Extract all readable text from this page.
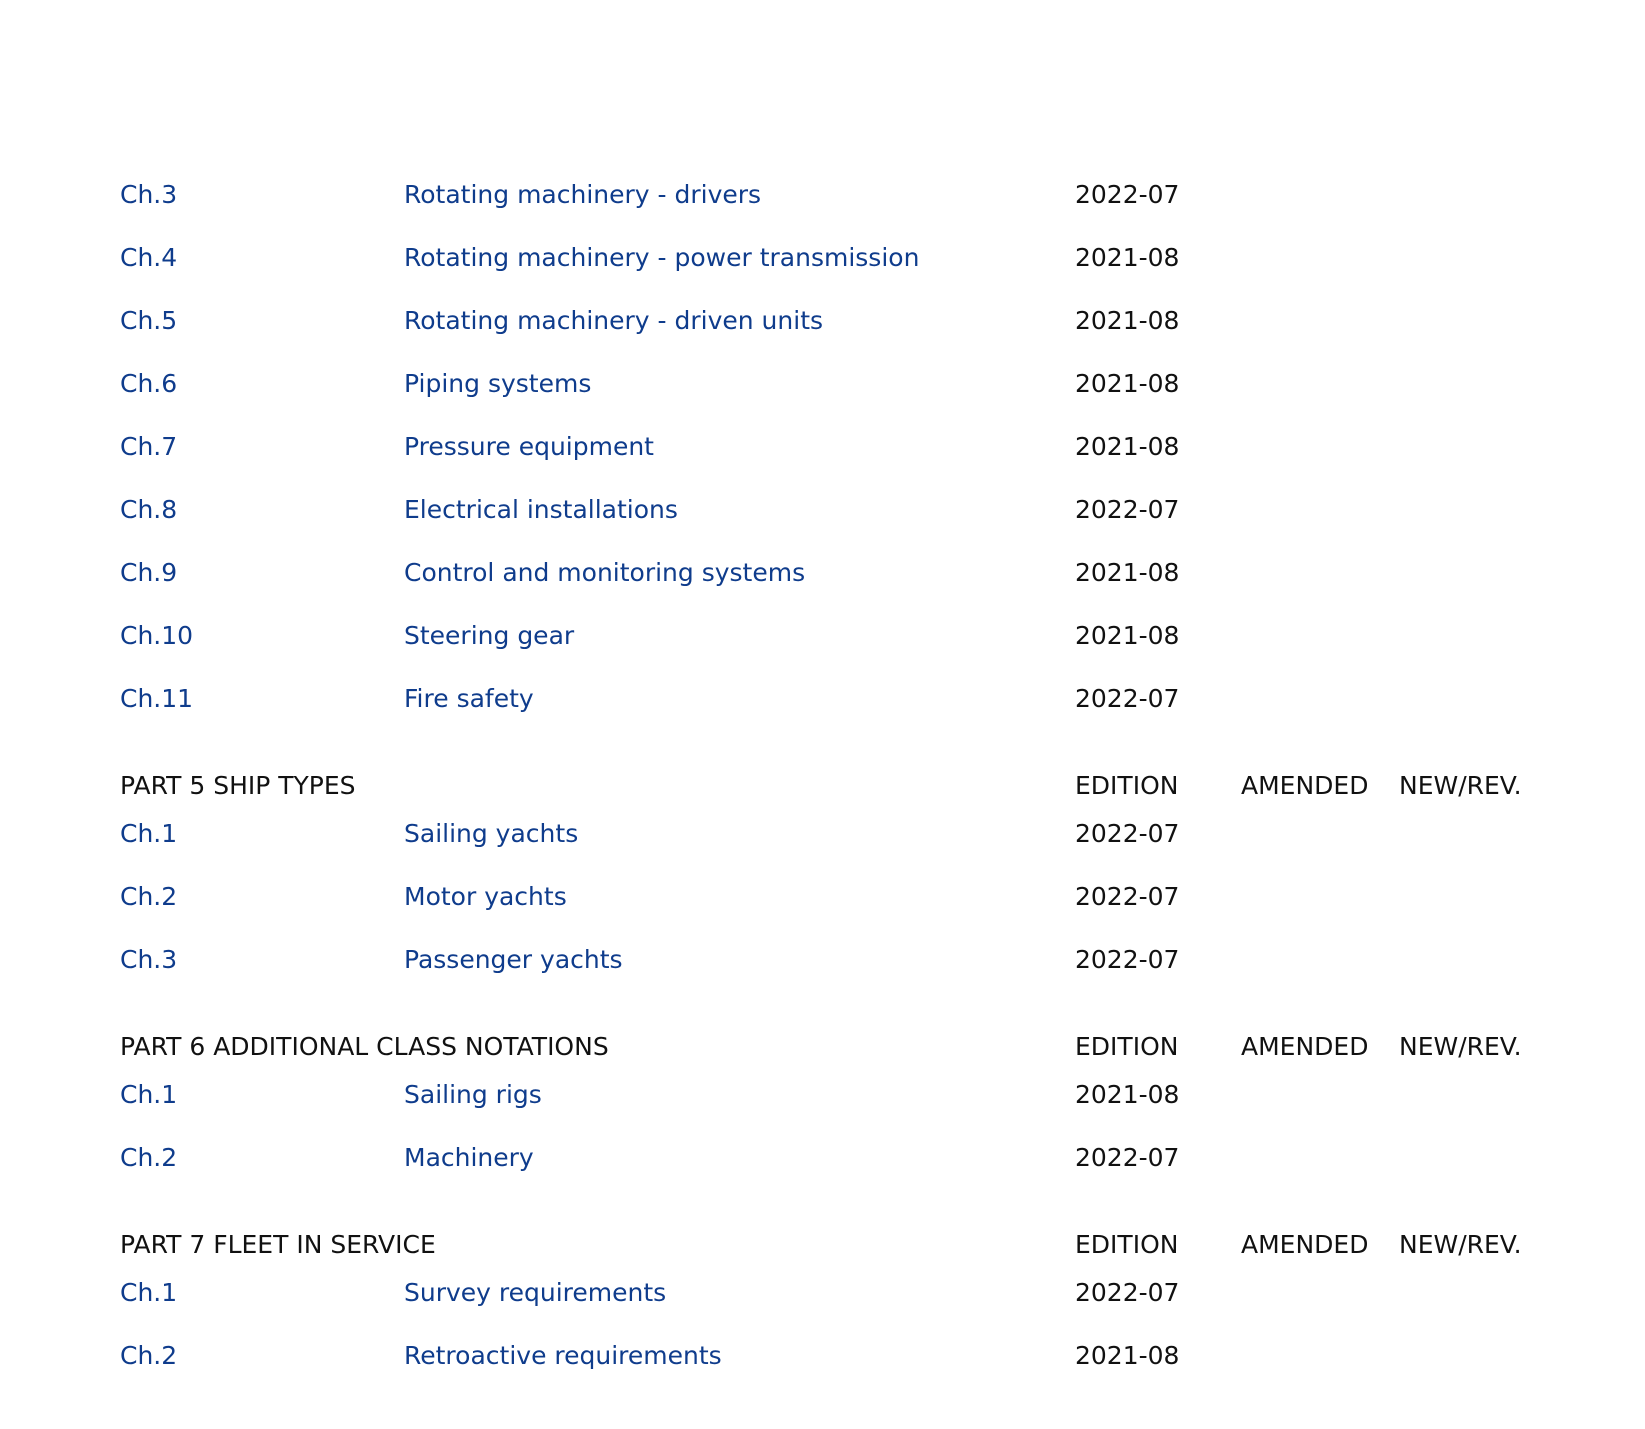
Ch.3	Rotating machinery - drivers	2022-07
Ch.4	Rotating machinery - power transmission	2021-08
Ch.5	Rotating machinery - driven units	2021-08
Ch.6	Piping systems	2021-08
Ch.7	Pressure equipment	2021-08
Ch.8	Electrical installations	2022-07
Ch.9	Control and monitoring systems	2021-08
Ch.10	Steering gear	2021-08
Ch.11	Fire safety	2022-07
PART 5 SHIP TYPES	EDITION	AMENDED NEW/REV.
Ch.1	Sailing yachts	2022-07
Ch.2	Motor yachts	2022-07
Ch.3	Passenger yachts	2022-07
PART 6 ADDITIONAL CLASS NOTATIONS	EDITION	AMENDED NEW/REV.
Ch.1	Sailing rigs	2021-08
Ch.2	Machinery	2022-07
PART 7 FLEET IN SERVICE	EDITION	AMENDED NEW/REV.
Ch.1	Survey requirements	2022-07
Ch.2	Retroactive requirements	2021-08
